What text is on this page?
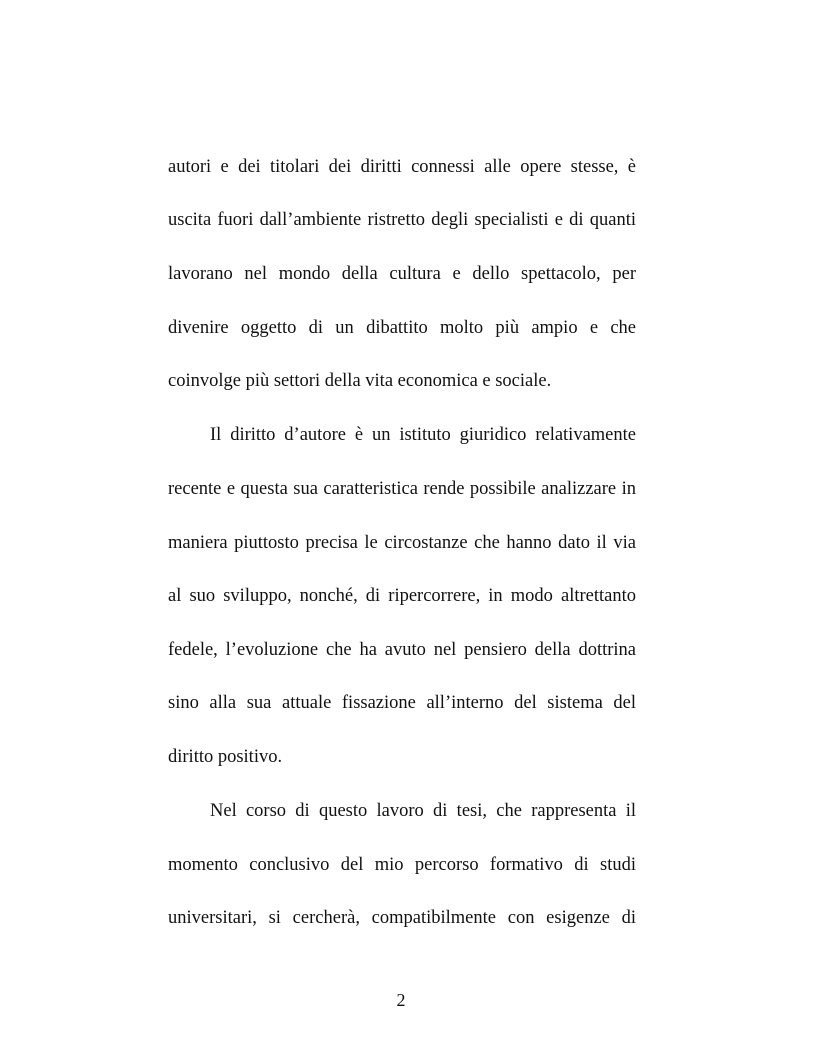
autori e dei titolari dei diritti connessi alle opere stesse, è
uscita fuori dall’ambiente ristretto degli specialisti e di quanti
lavorano nel mondo della cultura e dello spettacolo, per
divenire oggetto di un dibattito molto più ampio e che
coinvolge più settori della vita economica e sociale.
Il diritto d’autore è un istituto giuridico relativamente
recente e questa sua caratteristica rende possibile analizzare in
maniera piuttosto precisa le circostanze che hanno dato il via
al suo sviluppo, nonché, di ripercorrere, in modo altrettanto
fedele, l’evoluzione che ha avuto nel pensiero della dottrina
sino alla sua attuale fissazione all’interno del sistema del
diritto positivo.
Nel corso di questo lavoro di tesi, che rappresenta il
momento conclusivo del mio percorso formativo di studi
universitari, si cercherà, compatibilmente con esigenze di
2
